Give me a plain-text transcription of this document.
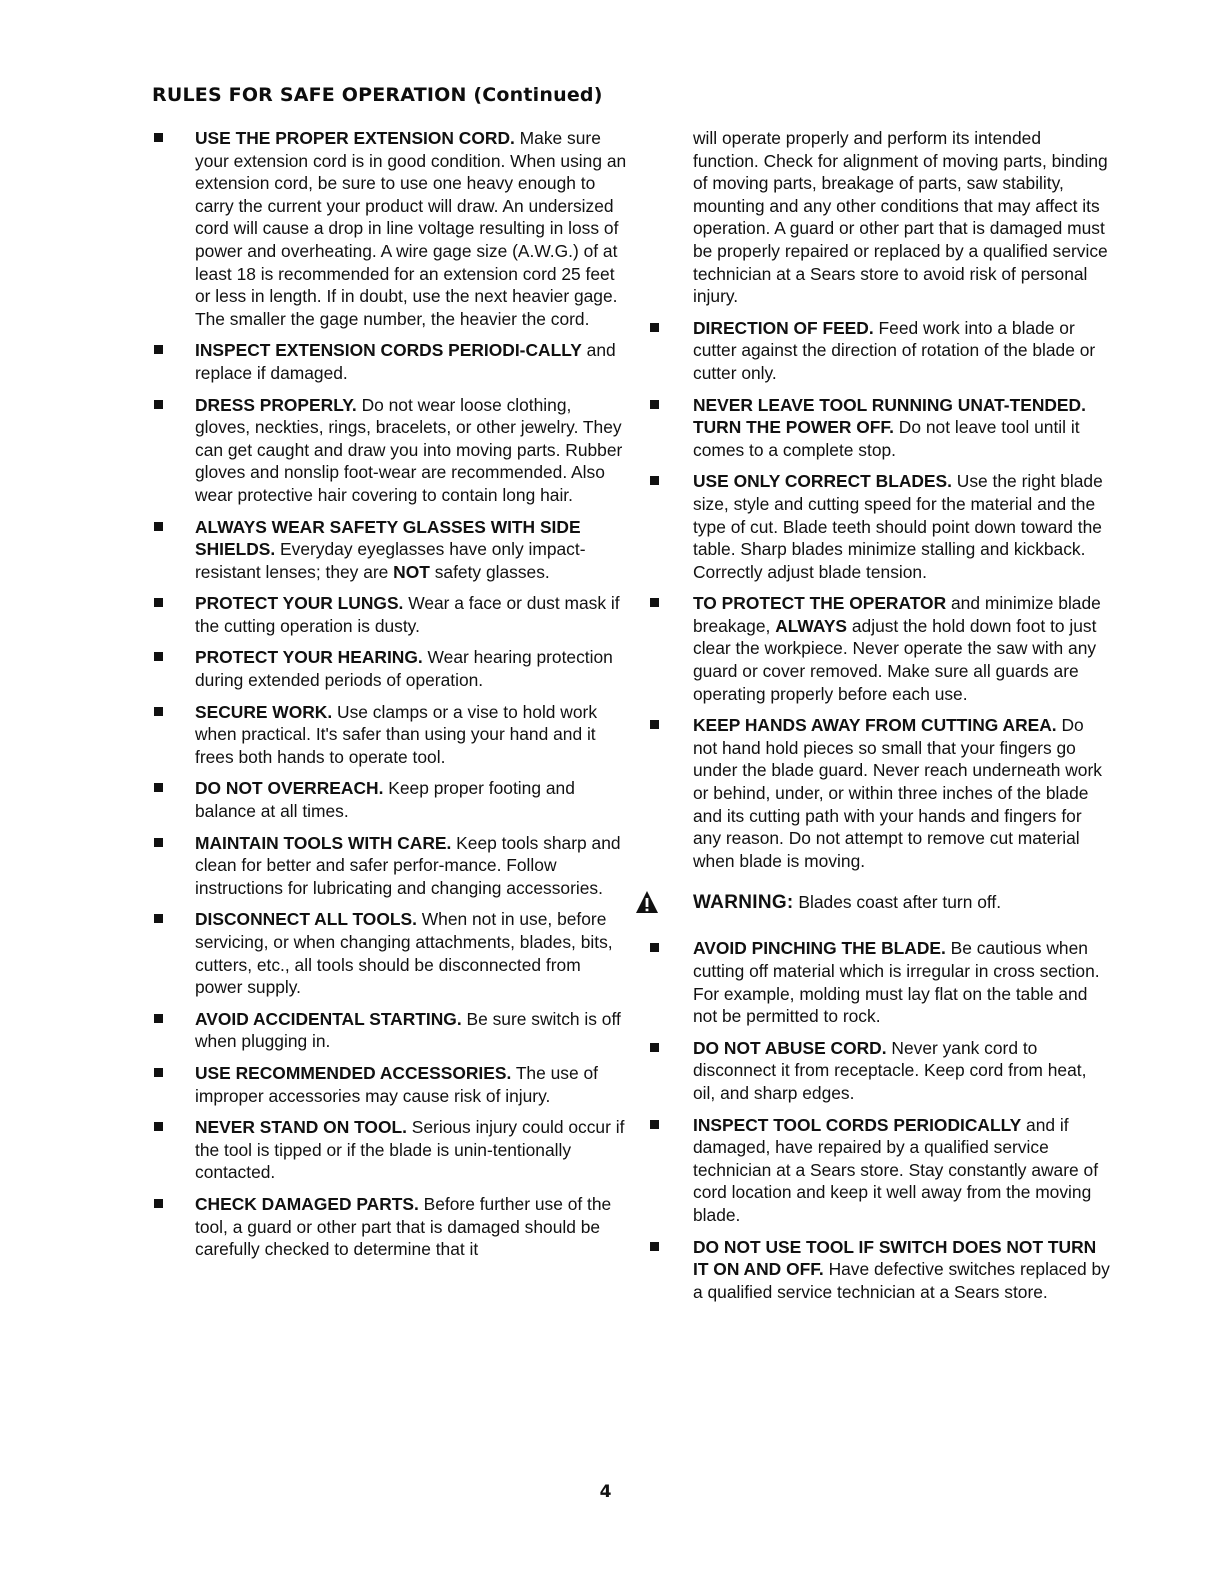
RULES FOR SAFE OPERATION (Continued)
USE THE PROPER EXTENSION CORD. Make sure your extension cord is in good condition. When using an extension cord, be sure to use one heavy enough to carry the current your product will draw. An undersized cord will cause a drop in line voltage resulting in loss of power and overheating. A wire gage size (A.W.G.) of at least 18 is recommended for an extension cord 25 feet or less in length. If in doubt, use the next heavier gage. The smaller the gage number, the heavier the cord.
INSPECT EXTENSION CORDS PERIODI-CALLY and replace if damaged.
DRESS PROPERLY. Do not wear loose clothing, gloves, neckties, rings, bracelets, or other jewelry. They can get caught and draw you into moving parts. Rubber gloves and nonslip foot-wear are recommended. Also wear protective hair covering to contain long hair.
ALWAYS WEAR SAFETY GLASSES WITH SIDE SHIELDS. Everyday eyeglasses have only impact-resistant lenses; they are NOT safety glasses.
PROTECT YOUR LUNGS. Wear a face or dust mask if the cutting operation is dusty.
PROTECT YOUR HEARING. Wear hearing protection during extended periods of operation.
SECURE WORK. Use clamps or a vise to hold work when practical. It's safer than using your hand and it frees both hands to operate tool.
DO NOT OVERREACH. Keep proper footing and balance at all times.
MAINTAIN TOOLS WITH CARE. Keep tools sharp and clean for better and safer perfor-mance. Follow instructions for lubricating and changing accessories.
DISCONNECT ALL TOOLS. When not in use, before servicing, or when changing attachments, blades, bits, cutters, etc., all tools should be disconnected from power supply.
AVOID ACCIDENTAL STARTING. Be sure switch is off when plugging in.
USE RECOMMENDED ACCESSORIES. The use of improper accessories may cause risk of injury.
NEVER STAND ON TOOL. Serious injury could occur if the tool is tipped or if the blade is unin-tentionally contacted.
CHECK DAMAGED PARTS. Before further use of the tool, a guard or other part that is damaged should be carefully checked to determine that it
will operate properly and perform its intended function. Check for alignment of moving parts, binding of moving parts, breakage of parts, saw stability, mounting and any other conditions that may affect its operation. A guard or other part that is damaged must be properly repaired or replaced by a qualified service technician at a Sears store to avoid risk of personal injury.
DIRECTION OF FEED. Feed work into a blade or cutter against the direction of rotation of the blade or cutter only.
NEVER LEAVE TOOL RUNNING UNAT-TENDED. TURN THE POWER OFF. Do not leave tool until it comes to a complete stop.
USE ONLY CORRECT BLADES. Use the right blade size, style and cutting speed for the material and the type of cut. Blade teeth should point down toward the table. Sharp blades minimize stalling and kickback. Correctly adjust blade tension.
TO PROTECT THE OPERATOR and minimize blade breakage, ALWAYS adjust the hold down foot to just clear the workpiece. Never operate the saw with any guard or cover removed. Make sure all guards are operating properly before each use.
KEEP HANDS AWAY FROM CUTTING AREA. Do not hand hold pieces so small that your fingers go under the blade guard. Never reach underneath work or behind, under, or within three inches of the blade and its cutting path with your hands and fingers for any reason. Do not attempt to remove cut material when blade is moving.
WARNING: Blades coast after turn off.
AVOID PINCHING THE BLADE. Be cautious when cutting off material which is irregular in cross section. For example, molding must lay flat on the table and not be permitted to rock.
DO NOT ABUSE CORD. Never yank cord to disconnect it from receptacle. Keep cord from heat, oil, and sharp edges.
INSPECT TOOL CORDS PERIODICALLY and if damaged, have repaired by a qualified service technician at a Sears store. Stay constantly aware of cord location and keep it well away from the moving blade.
DO NOT USE TOOL IF SWITCH DOES NOT TURN IT ON AND OFF. Have defective switches replaced by a qualified service technician at a Sears store.
4
